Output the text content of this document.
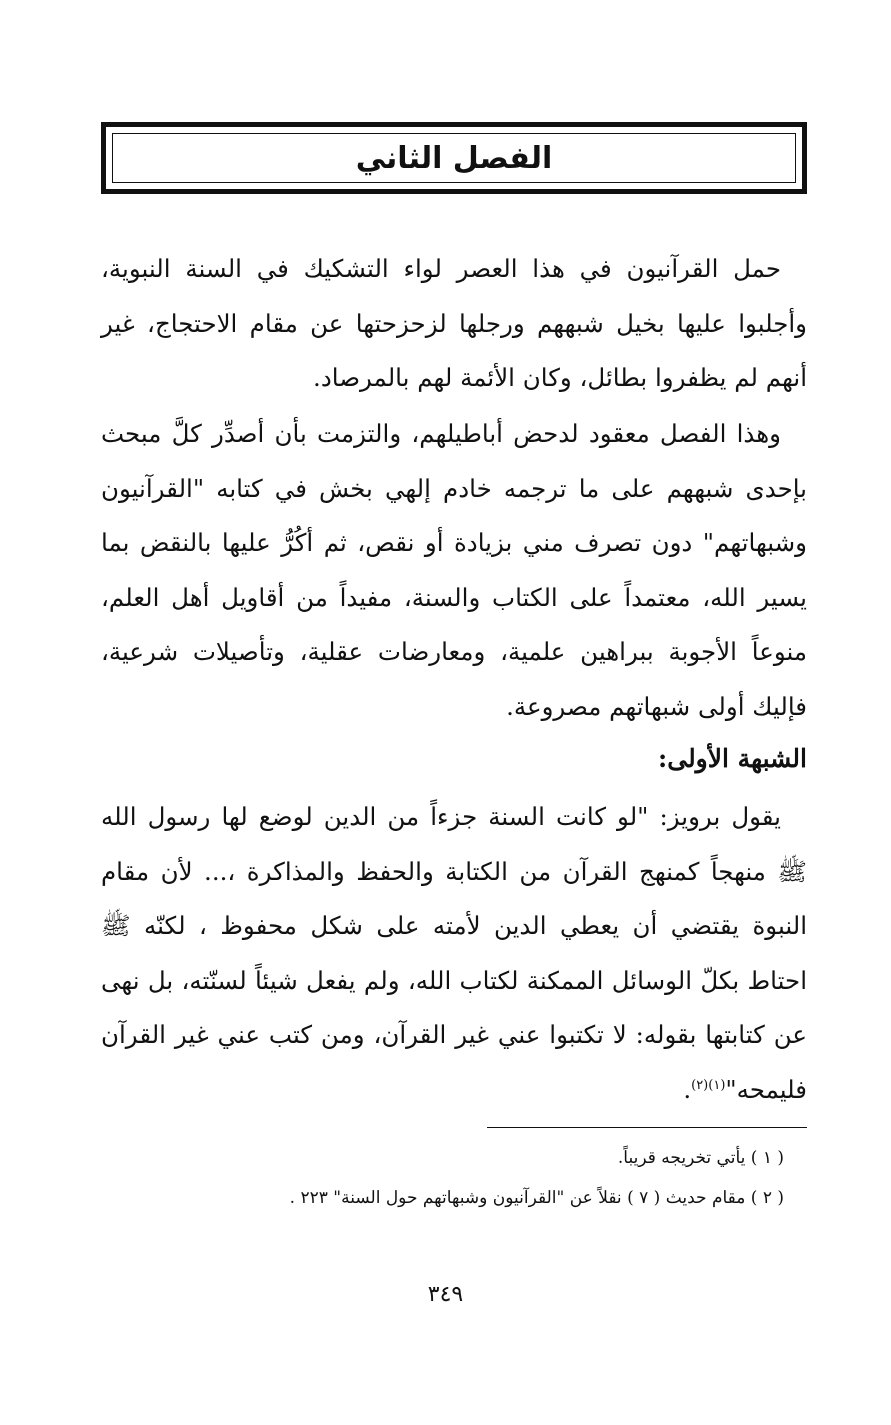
الفصل الثاني

حمل القرآنيون في هذا العصر لواء التشكيك في السنة النبوية، وأجلبوا عليها بخيل شبههم ورجلها لزحزحتها عن مقام الاحتجاج، غير أنهم لم يظفروا بطائل، وكان الأئمة لهم بالمرصاد.

وهذا الفصل معقود لدحض أباطيلهم، والتزمت بأن أصدِّر كلَّ مبحث بإحدى شبههم على ما ترجمه خادم إلهي بخش في كتابه "القرآنيون وشبهاتهم" دون تصرف مني بزيادة أو نقص، ثم أكُرُّ عليها بالنقض بما يسير الله، معتمداً على الكتاب والسنة، مفيداً من أقاويل أهل العلم، منوعاً الأجوبة ببراهين علمية، ومعارضات عقلية، وتأصيلات شرعية، فإليك أولى شبهاتهم مصروعة.

الشبهة الأولى:

يقول برويز: "لو كانت السنة جزءاً من الدين لوضع لها رسول الله ﷺ منهجاً كمنهج القرآن من الكتابة والحفظ والمذاكرة ،... لأن مقام النبوة يقتضي أن يعطي الدين لأمته على شكل محفوظ ، لكنّه ﷺ احتاط بكلّ الوسائل الممكنة لكتاب الله، ولم يفعل شيئاً لسنّته، بل نهى عن كتابتها بقوله: لا تكتبوا عني غير القرآن، ومن كتب عني غير القرآن فليمحه"$^{(١)(٢)}$.

( ١ ) يأتي تخريجه قريباً.

( ٢ ) مقام حديث ( ٧ ) نقلاً عن "القرآنيون وشبهاتهم حول السنة" ٢٢٣ .

٣٤٩
